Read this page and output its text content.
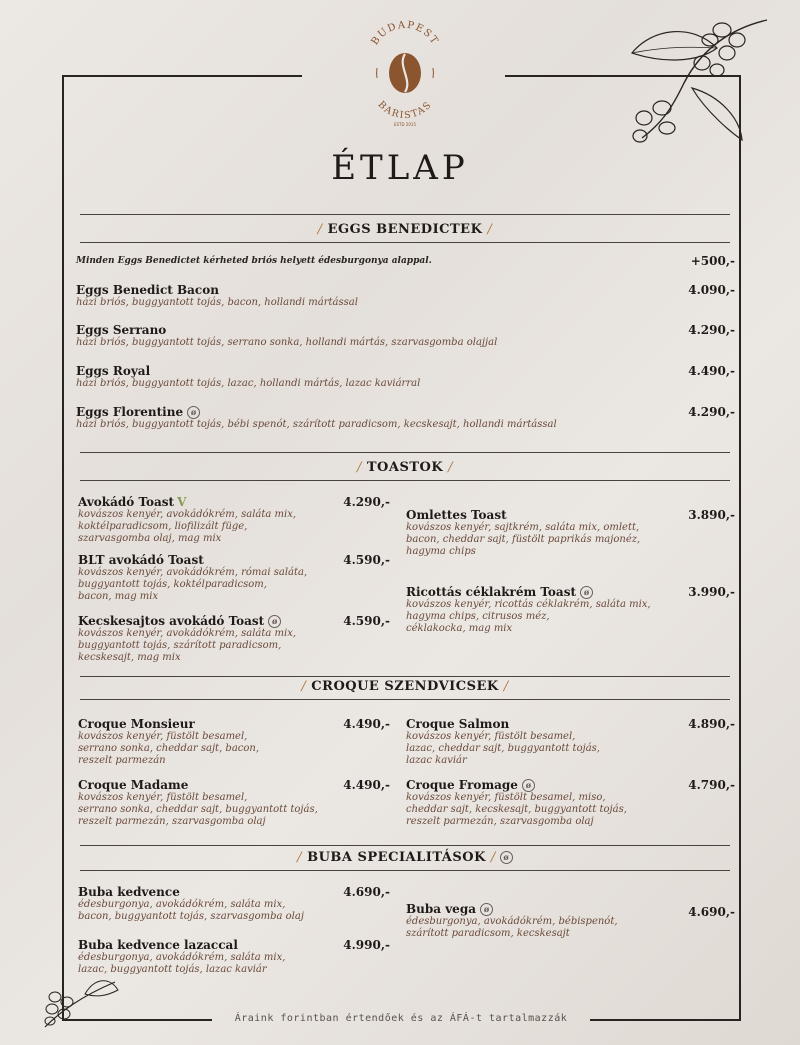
BUDAPEST
BARISTAS
ESTD 2015
ÉTLAP
/ EGGS BENEDICTEK /
Minden Eggs Benedictet kérheted briós helyett édesburgonya alappal.	+500,-
Eggs Benedict Bacon
házi briós, buggyantott tojás, bacon, hollandi mártással
4.090,-
Eggs Serrano
házi briós, buggyantott tojás, serrano sonka, hollandi mártás, szarvasgomba olajjal
4.290,-
Eggs Royal
házi briós, buggyantott tojás, lazac, hollandi mártás, lazac kaviárral
4.490,-
Eggs Florentine ø
házi briós, buggyantott tojás, bébi spenót, szárított paradicsom, kecskesajt, hollandi mártással
4.290,-
/ TOASTOK /
Avokádó Toast V
kovászos kenyér, avokádókrém, saláta mix,
koktélparadicsom, liofilizált füge,
szarvasgomba olaj, mag mix
4.290,-
BLT avokádó Toast
kovászos kenyér, avokádókrém, római saláta,
buggyantott tojás, koktélparadicsom,
bacon, mag mix
4.590,-
Kecskesajtos avokádó Toast ø
kovászos kenyér, avokádókrém, saláta mix,
buggyantott tojás, szárított paradicsom,
kecskesajt, mag mix
4.590,-
Omlettes Toast
kovászos kenyér, sajtkrém, saláta mix, omlett,
bacon, cheddar sajt, füstölt paprikás majonéz,
hagyma chips
3.890,-
Ricottás céklakrém Toast ø
kovászos kenyér, ricottás céklakrém, saláta mix,
hagyma chips, citrusos méz,
céklakocka, mag mix
3.990,-
/ CROQUE SZENDVICSEK /
Croque Monsieur
kovászos kenyér, füstölt besamel,
serrano sonka, cheddar sajt, bacon,
reszelt parmezán
4.490,-
Croque Madame
kovászos kenyér, füstölt besamel,
serrano sonka, cheddar sajt, buggyantott tojás,
reszelt parmezán, szarvasgomba olaj
4.490,-
Croque Salmon
kovászos kenyér, füstölt besamel,
lazac, cheddar sajt, buggyantott tojás,
lazac kaviár
4.890,-
Croque Fromage ø
kovászos kenyér, füstölt besamel, miso,
cheddar sajt, kecskesajt, buggyantott tojás,
reszelt parmezán, szarvasgomba olaj
4.790,-
/ BUBA SPECIALITÁSOK / ø
Buba kedvence
édesburgonya, avokádókrém, saláta mix,
bacon, buggyantott tojás, szarvasgomba olaj
4.690,-
Buba kedvence lazaccal
édesburgonya, avokádókrém, saláta mix,
lazac, buggyantott tojás, lazac kaviár
4.990,-
Buba vega ø
édesburgonya, avokádókrém, bébispenót,
szárított paradicsom, kecskesajt
4.690,-
Áraink forintban értendőek és az ÁFÁ-t tartalmazzák
